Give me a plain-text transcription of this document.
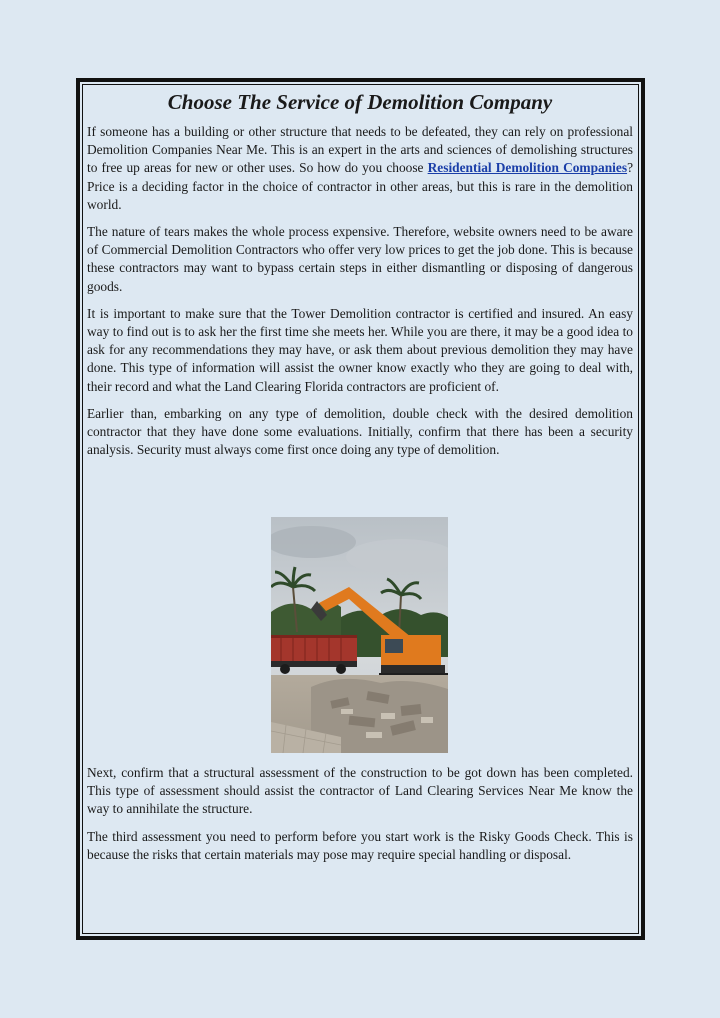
Choose The Service of Demolition Company

If someone has a building or other structure that needs to be defeated, they can rely on professional Demolition Companies Near Me. This is an expert in the arts and sciences of demolishing structures to free up areas for new or other uses. So how do you choose Residential Demolition Companies? Price is a deciding factor in the choice of contractor in other areas, but this is rare in the demolition world.

The nature of tears makes the whole process expensive. Therefore, website owners need to be aware of Commercial Demolition Contractors who offer very low prices to get the job done. This is because these contractors may want to bypass certain steps in either dismantling or disposing of dangerous goods.

It is important to make sure that the Tower Demolition contractor is certified and insured. An easy way to find out is to ask her the first time she meets her. While you are there, it may be a good idea to ask for any recommendations they may have, or ask them about previous demolition they may have done. This type of information will assist the owner know exactly who they are going to deal with, their record and what the Land Clearing Florida contractors are proficient of.

Earlier than, embarking on any type of demolition, double check with the desired demolition contractor that they have done some evaluations. Initially, confirm that there has been a security analysis. Security must always come first once doing any type of demolition.

Next, confirm that a structural assessment of the construction to be got down has been completed. This type of assessment should assist the contractor of Land Clearing Services Near Me know the way to annihilate the structure.

The third assessment you need to perform before you start work is the Risky Goods Check. This is because the risks that certain materials may pose may require special handling or disposal.
